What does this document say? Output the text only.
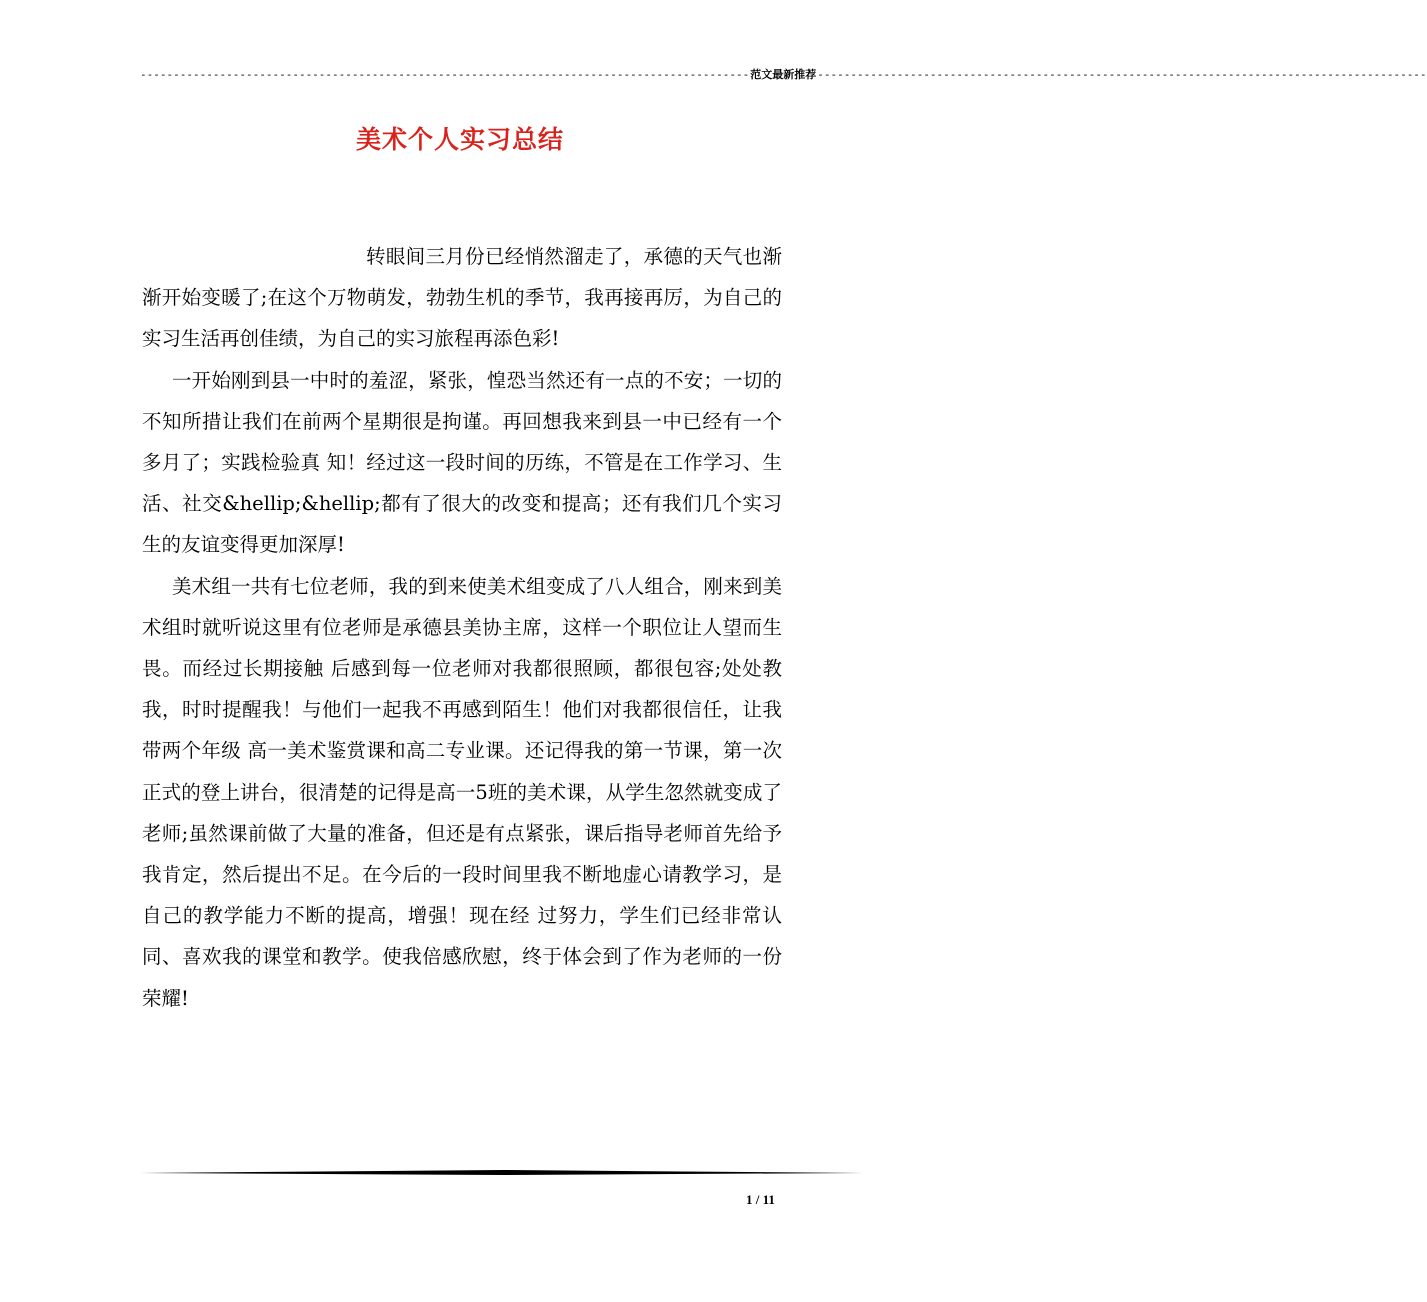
-------------------------------------------------------------------------------------------- 范文最新推荐 --------------------------------------------------------------------------------------------
美术个人实习总结

转眼间三月份已经悄然溜走了，承德的天气也渐渐开始变暖了;在这个万物萌发，勃勃生机的季节，我再接再厉，为自己的实习生活再创佳绩，为自己的实习旅程再添色彩!

一开始刚到县一中时的羞涩，紧张，惶恐当然还有一点的不安；一切的不知所措让我们在前两个星期很是拘谨。再回想我来到县一中已经有一个多月了；实践检验真 知！经过这一段时间的历练，不管是在工作学习、生活、社交&hellip;&hellip;都有了很大的改变和提高；还有我们几个实习生的友谊变得更加深厚!

美术组一共有七位老师，我的到来使美术组变成了八人组合，刚来到美术组时就听说这里有位老师是承德县美协主席，这样一个职位让人望而生畏。而经过长期接触 后感到每一位老师对我都很照顾，都很包容;处处教我，时时提醒我！与他们一起我不再感到陌生！他们对我都很信任，让我带两个年级 高一美术鉴赏课和高二专业课。还记得我的第一节课，第一次正式的登上讲台，很清楚的记得是高一5班的美术课，从学生忽然就变成了老师;虽然课前做了大量的准备，但还是有点紧张，课后指导老师首先给予我肯定，然后提出不足。在今后的一段时间里我不断地虚心请教学习，是自己的教学能力不断的提高，增强！现在经 过努力，学生们已经非常认同、喜欢我的课堂和教学。使我倍感欣慰，终于体会到了作为老师的一份荣耀!

1 / 11
